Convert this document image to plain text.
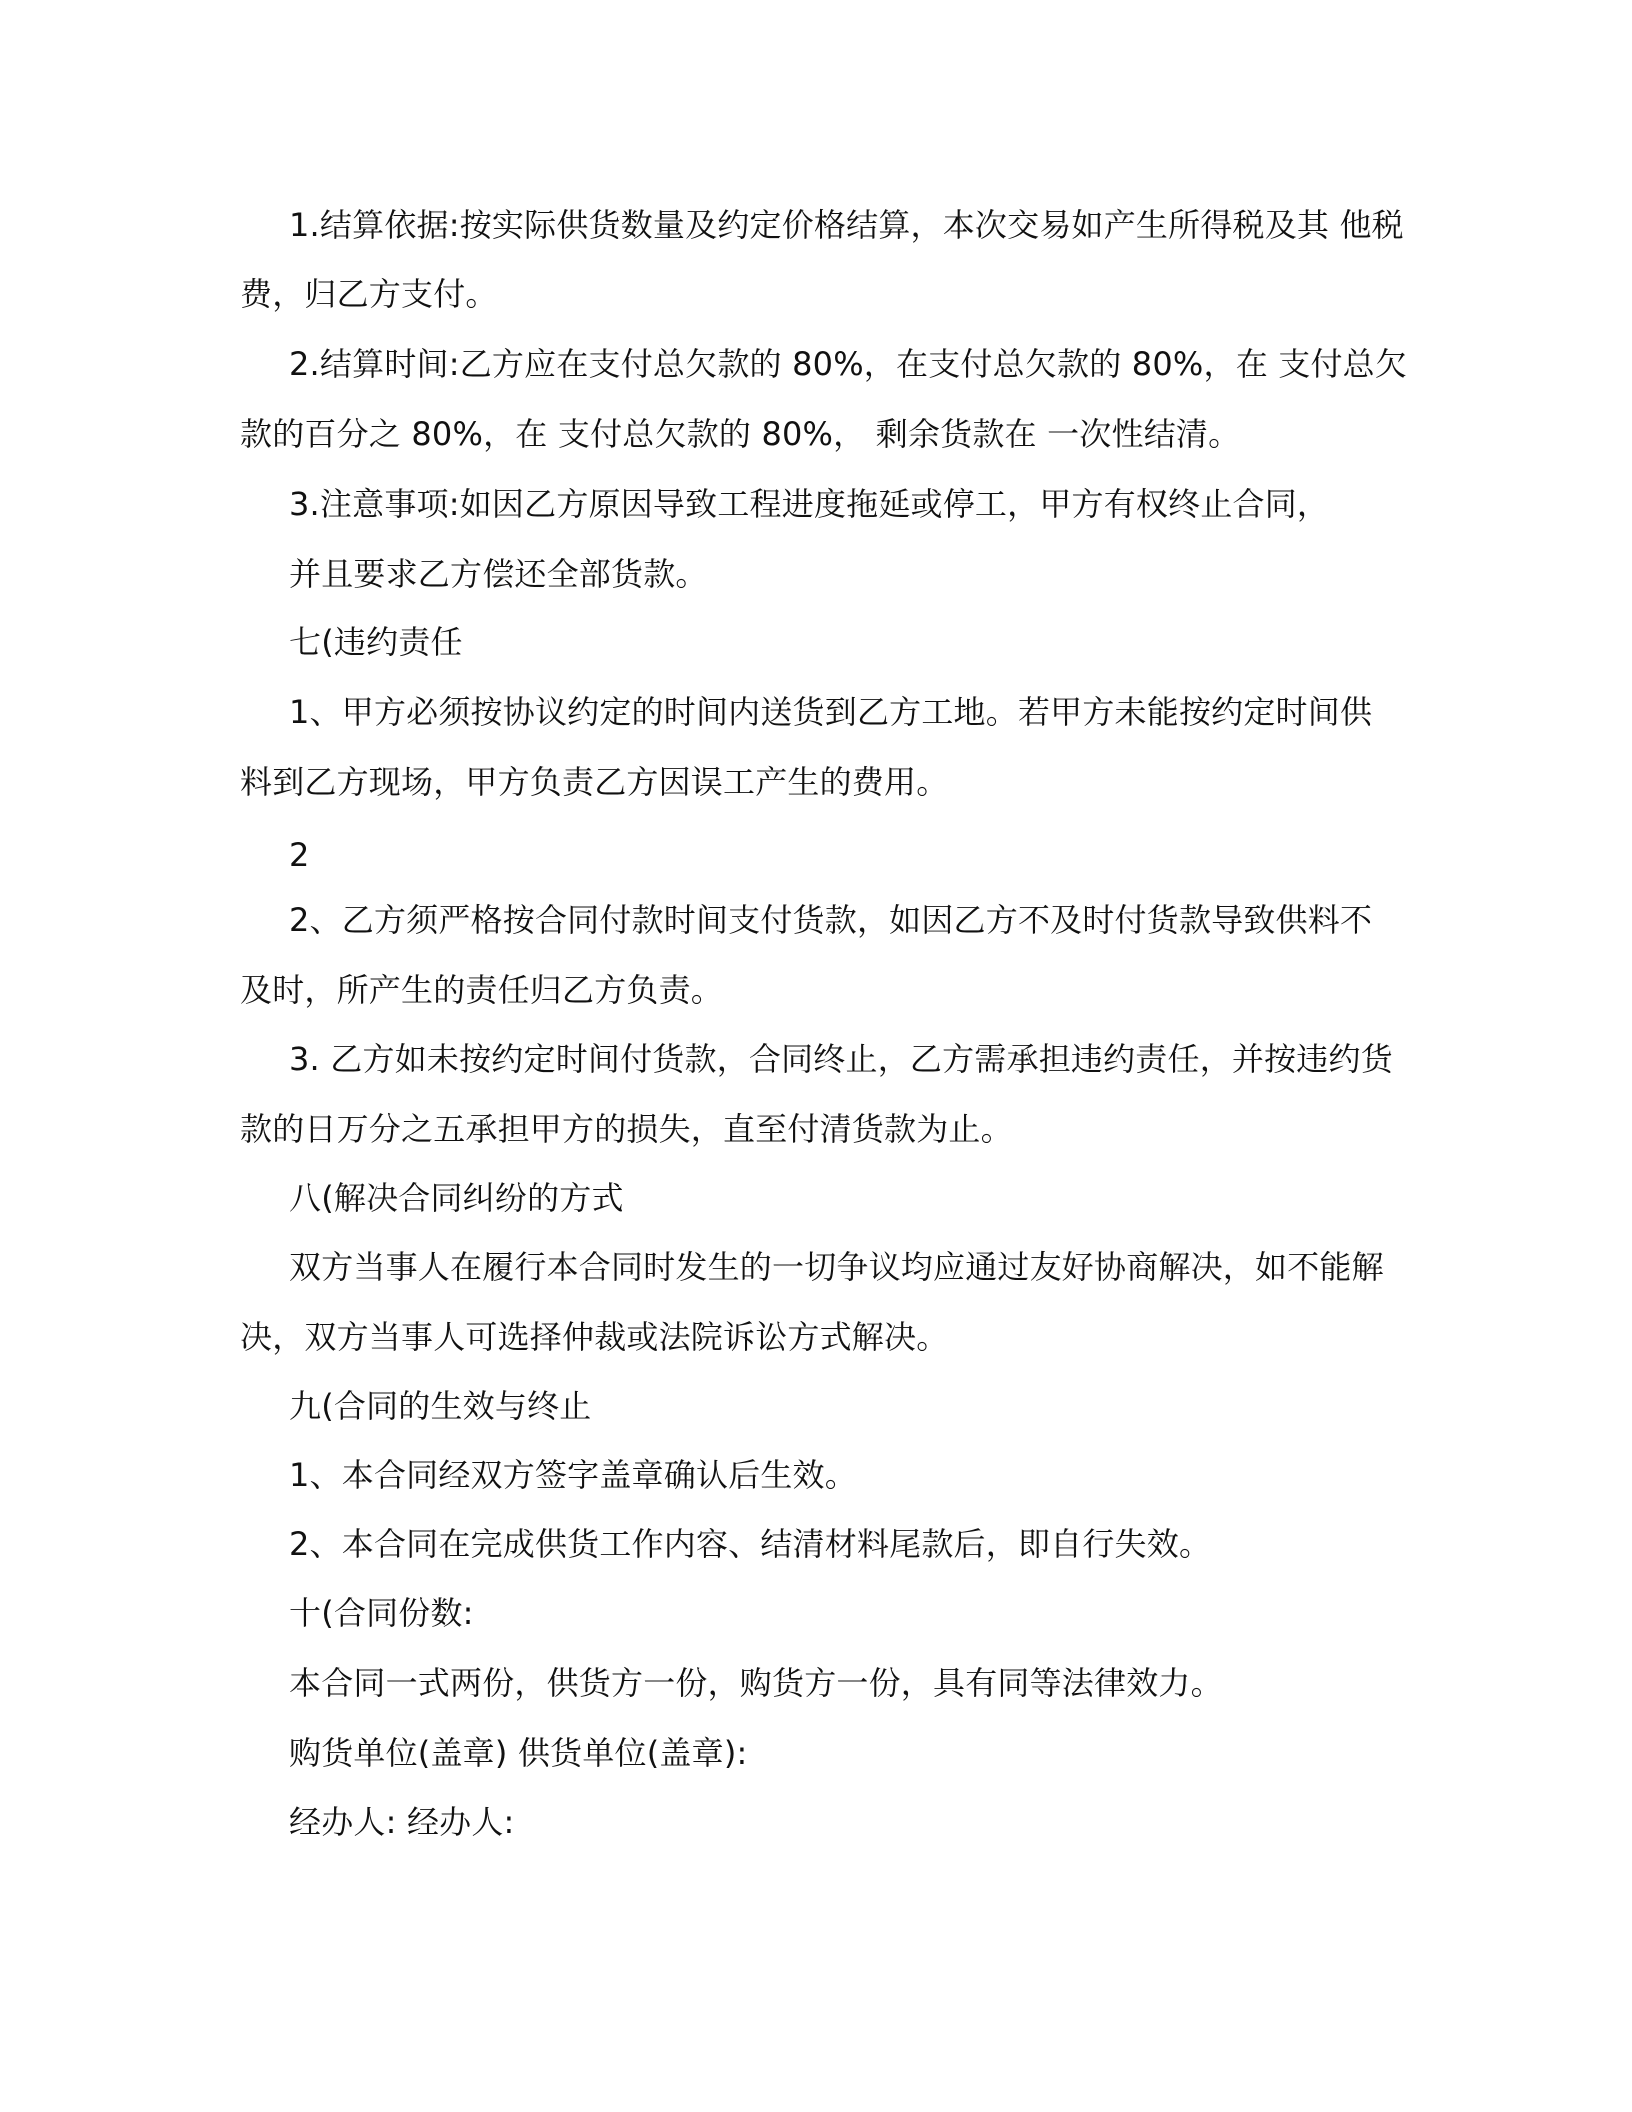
1.结算依据:按实际供货数量及约定价格结算，本次交易如产生所得税及其 他税
费，归乙方支付。
2.结算时间:乙方应在支付总欠款的 80%，在支付总欠款的 80%，在 支付总欠
款的百分之 80%，在 支付总欠款的 80%， 剩余货款在 一次性结清。
3.注意事项:如因乙方原因导致工程进度拖延或停工，甲方有权终止合同，
并且要求乙方偿还全部货款。
七(违约责任
1、甲方必须按协议约定的时间内送货到乙方工地。若甲方未能按约定时间供
料到乙方现场，甲方负责乙方因误工产生的费用。
2
2、乙方须严格按合同付款时间支付货款，如因乙方不及时付货款导致供料不
及时，所产生的责任归乙方负责。
3. 乙方如未按约定时间付货款，合同终止，乙方需承担违约责任，并按违约货
款的日万分之五承担甲方的损失，直至付清货款为止。
八(解决合同纠纷的方式
双方当事人在履行本合同时发生的一切争议均应通过友好协商解决，如不能解
决，双方当事人可选择仲裁或法院诉讼方式解决。
九(合同的生效与终止
1、本合同经双方签字盖章确认后生效。
2、本合同在完成供货工作内容、结清材料尾款后，即自行失效。
十(合同份数:
本合同一式两份，供货方一份，购货方一份，具有同等法律效力。
购货单位(盖章) 供货单位(盖章):
经办人: 经办人:
